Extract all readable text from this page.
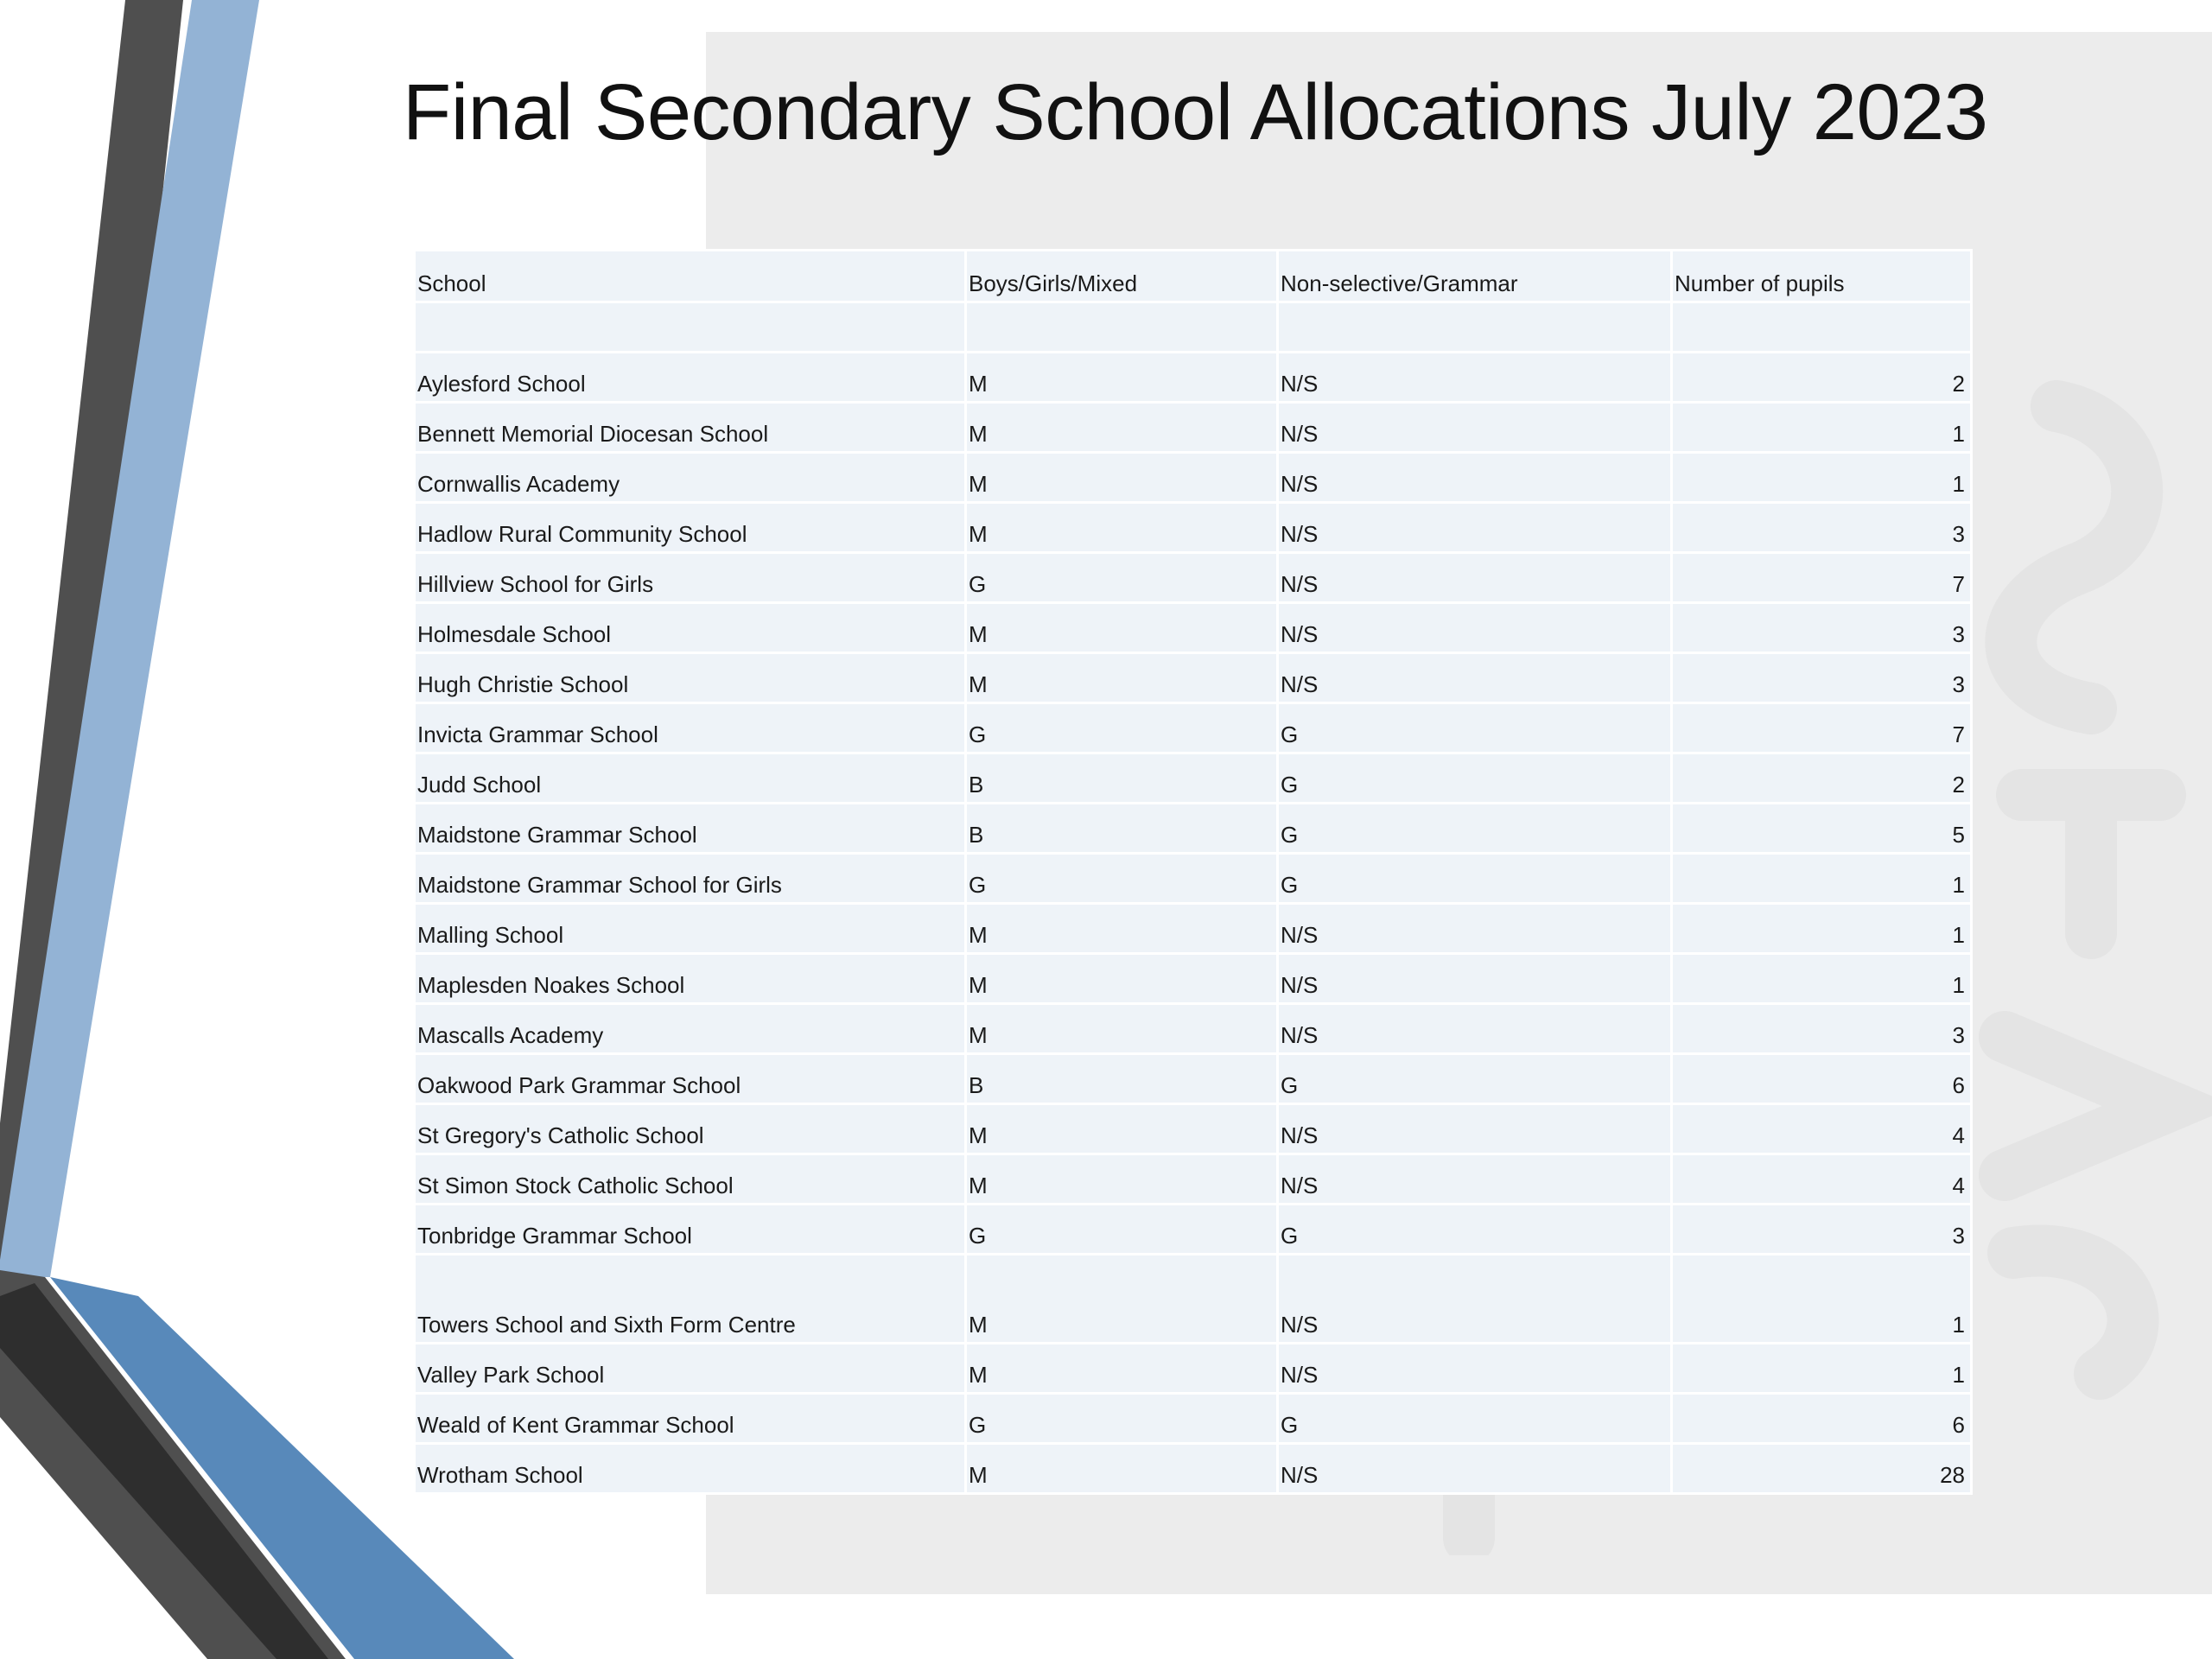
Final Secondary School Allocations July 2023
School	Boys/Girls/Mixed	Non-selective/Grammar	Number of pupils

Aylesford School	M	N/S	2
Bennett Memorial Diocesan School	M	N/S	1
Cornwallis Academy	M	N/S	1
Hadlow Rural Community School	M	N/S	3
Hillview School for Girls	G	N/S	7
Holmesdale School	M	N/S	3
Hugh Christie School	M	N/S	3
Invicta Grammar School	G	G	7
Judd School	B	G	2
Maidstone Grammar School	B	G	5
Maidstone Grammar School for Girls	G	G	1
Malling School	M	N/S	1
Maplesden Noakes School	M	N/S	1
Mascalls Academy	M	N/S	3
Oakwood Park Grammar School	B	G	6
St Gregory's Catholic School	M	N/S	4
St Simon Stock Catholic School	M	N/S	4
Tonbridge Grammar School	G	G	3
Towers School and Sixth Form Centre	M	N/S	1
Valley Park School	M	N/S	1
Weald of Kent Grammar School	G	G	6
Wrotham School	M	N/S	28
